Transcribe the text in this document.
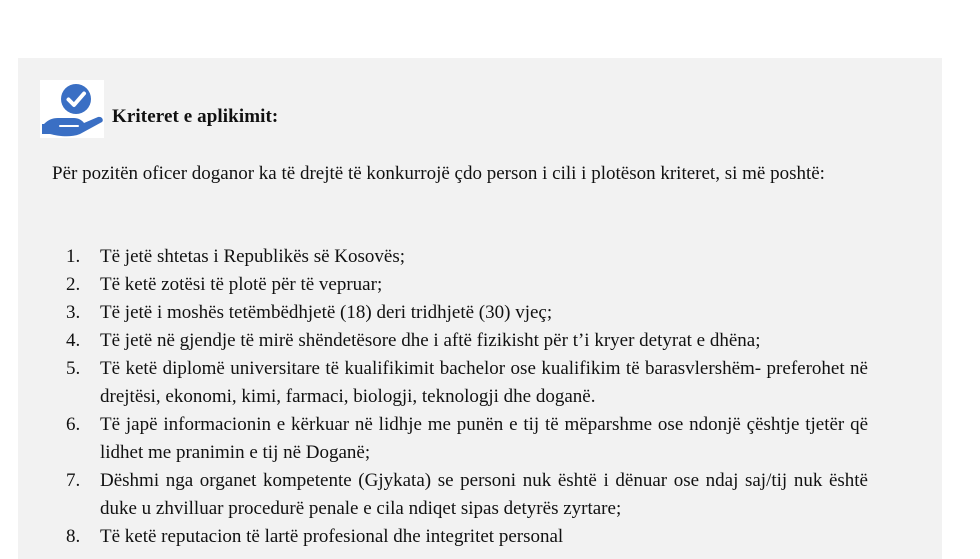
Kriteret e aplikimit:

Për pozitën oficer doganor ka të drejtë të konkurrojë çdo person i cili i plotëson kriteret, si më poshtë:

1.	Të jetë shtetas i Republikës së Kosovës;
2.	Të ketë zotësi të plotë për të vepruar;
3.	Të jetë i moshës tetëmbëdhjetë (18) deri tridhjetë (30) vjeç;
4.	Të jetë në gjendje të mirë shëndetësore dhe i aftë fizikisht për t’i kryer detyrat e dhëna;
5.	Të ketë diplomë universitare të kualifikimit bachelor ose kualifikim të barasvlershëm- preferohet në drejtësi, ekonomi, kimi, farmaci, biologji, teknologji dhe doganë.
6.	Të japë informacionin e kërkuar në lidhje me punën e tij të mëparshme ose ndonjë çështje tjetër që lidhet me pranimin e tij në Doganë;
7.	Dëshmi nga organet kompetente (Gjykata) se personi nuk është i dënuar ose ndaj saj/tij nuk është duke u zhvilluar procedurë penale e cila ndiqet sipas detyrës zyrtare;
8.	Të ketë reputacion të lartë profesional dhe integritet personal
